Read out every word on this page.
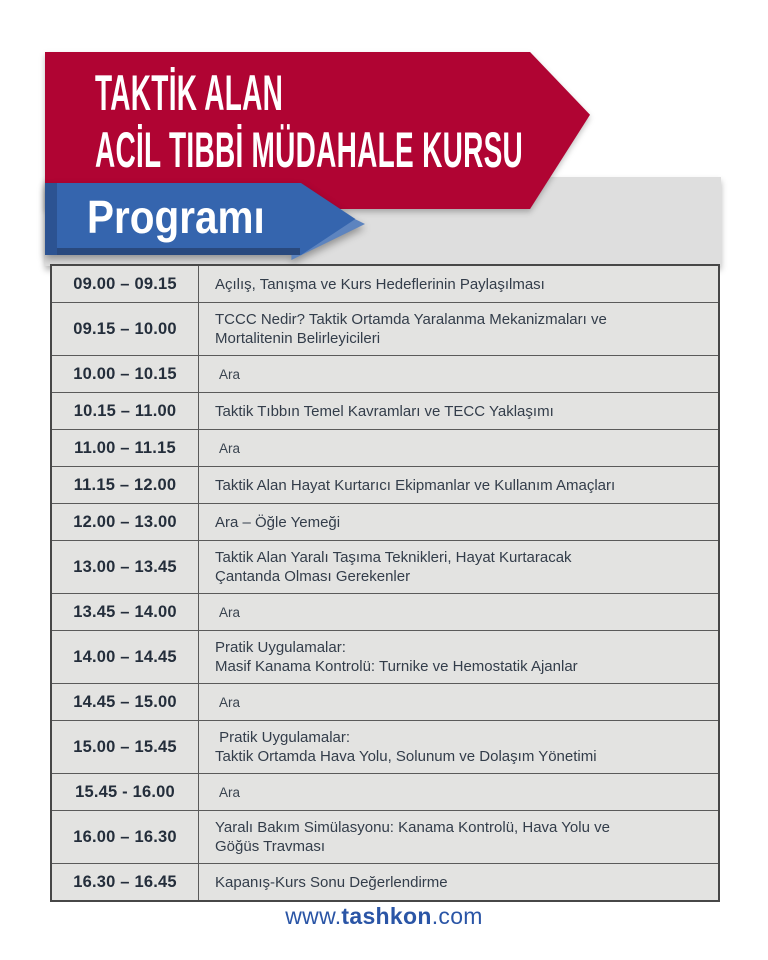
TAKTİK ALAN
ACİL TIBBİ MÜDAHALE KURSU
Programı
09.00 – 09.15	Açılış, Tanışma ve Kurs Hedeflerinin Paylaşılması
09.15 – 10.00	TCCC Nedir? Taktik Ortamda Yaralanma Mekanizmaları ve
Mortalitenin Belirleyicileri
10.00 – 10.15	Ara
10.15 – 11.00	Taktik Tıbbın Temel Kavramları ve TECC Yaklaşımı
11.00 – 11.15	Ara
11.15 – 12.00	Taktik Alan Hayat Kurtarıcı Ekipmanlar ve Kullanım Amaçları
12.00 – 13.00	Ara – Öğle Yemeği
13.00 – 13.45	Taktik Alan Yaralı Taşıma Teknikleri, Hayat Kurtaracak
Çantanda Olması Gerekenler
13.45 – 14.00	Ara
14.00 – 14.45	Pratik Uygulamalar:
Masif Kanama Kontrolü: Turnike ve Hemostatik Ajanlar
14.45 – 15.00	Ara
15.00 – 15.45	Pratik Uygulamalar:
Taktik Ortamda Hava Yolu, Solunum ve Dolaşım Yönetimi
15.45 - 16.00	Ara
16.00 – 16.30	Yaralı Bakım Simülasyonu: Kanama Kontrolü, Hava Yolu ve
Göğüs Travması
16.30 – 16.45	Kapanış-Kurs Sonu Değerlendirme
www.tashkon.com
